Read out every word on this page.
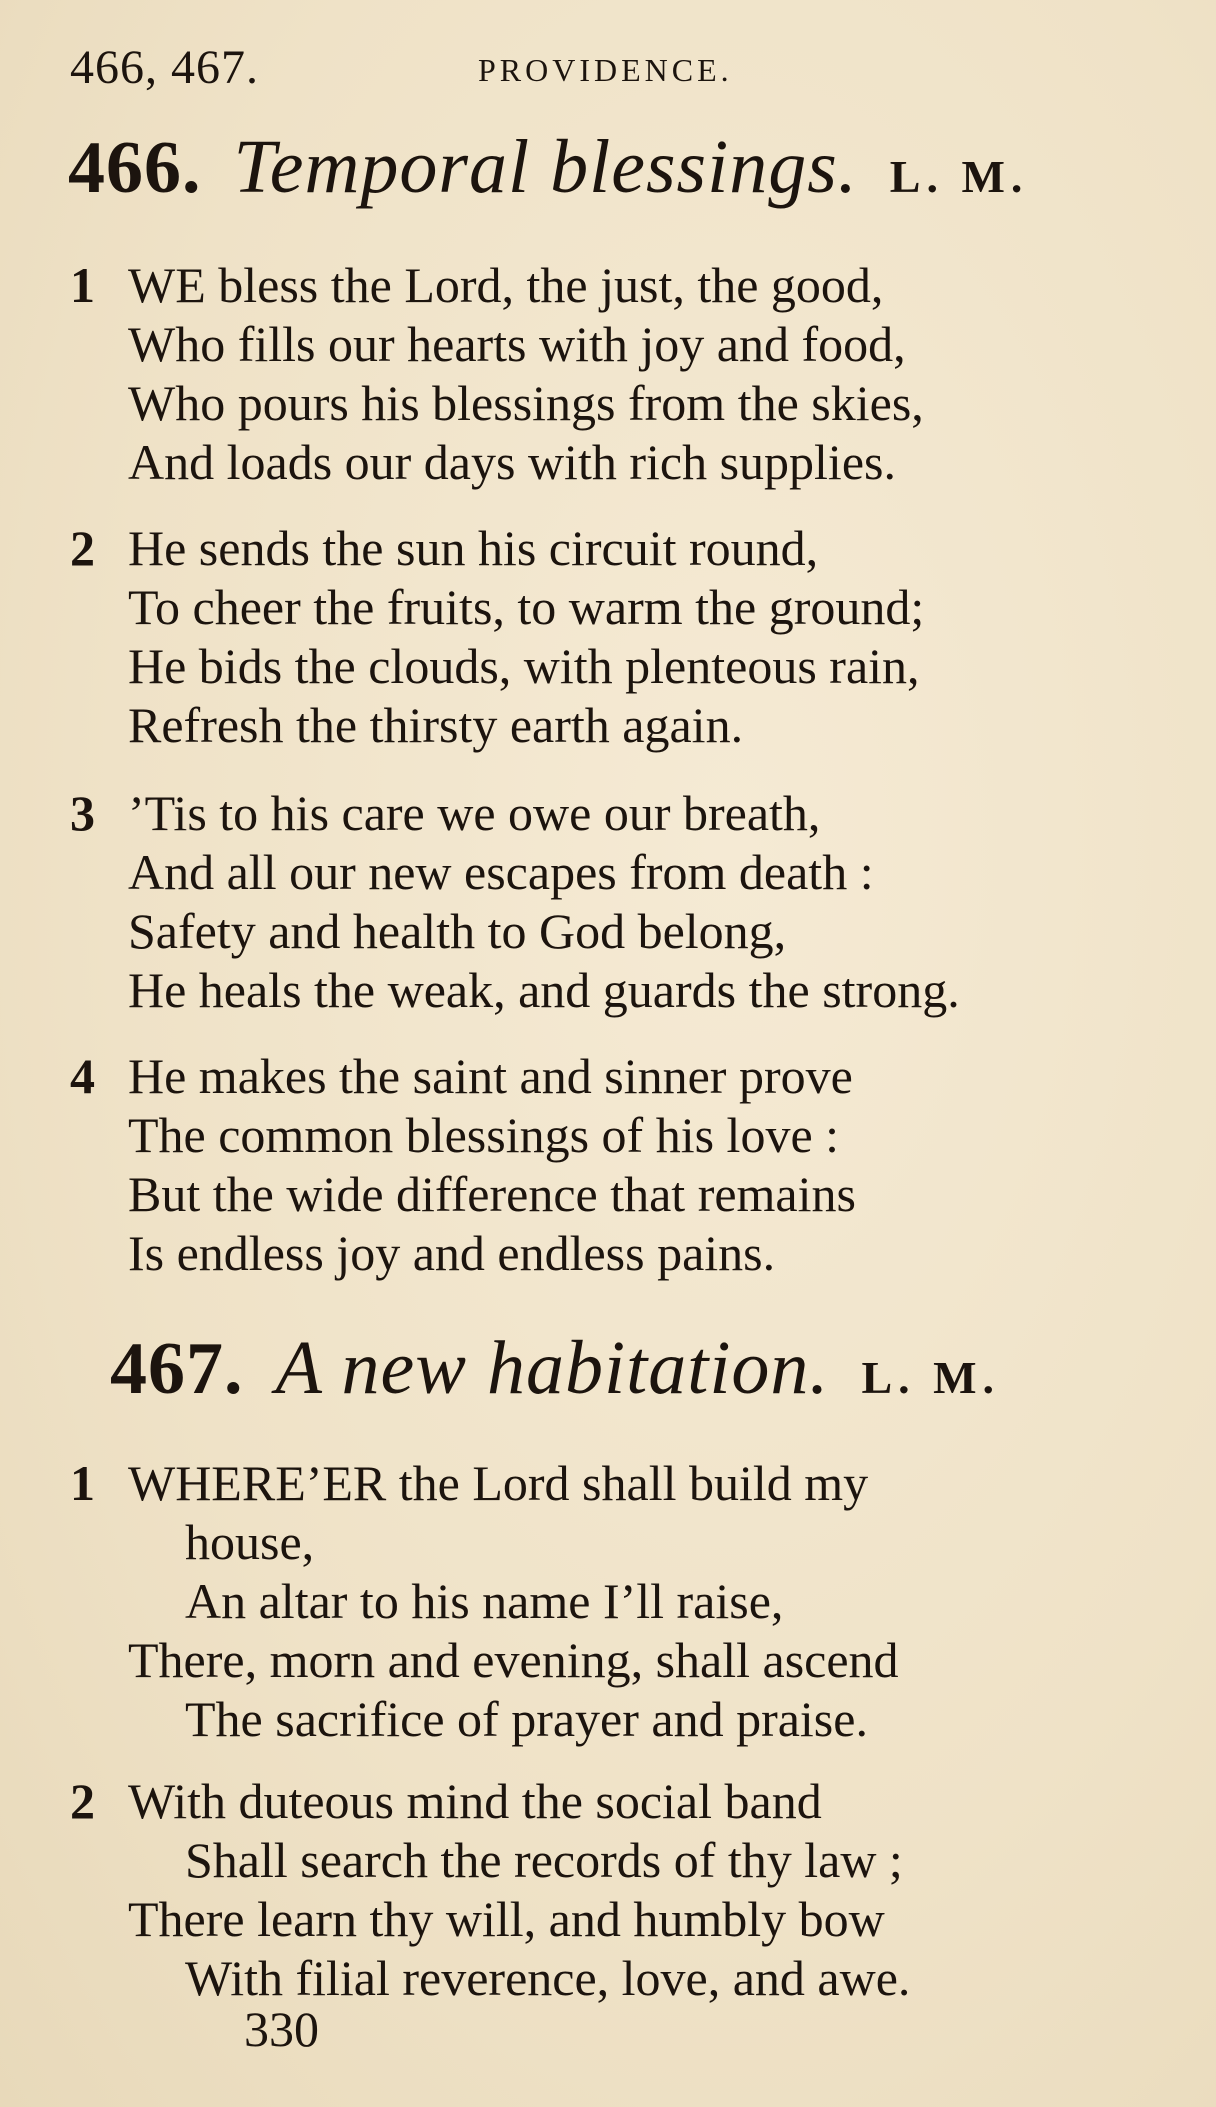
466, 467.	PROVIDENCE.
466. Temporal blessings. L. M.
1 WE bless the Lord, the just, the good,
Who fills our hearts with joy and food,
Who pours his blessings from the skies,
And loads our days with rich supplies.
2 He sends the sun his circuit round,
To cheer the fruits, to warm the ground;
He bids the clouds, with plenteous rain,
Refresh the thirsty earth again.
3 ’Tis to his care we owe our breath,
And all our new escapes from death :
Safety and health to God belong,
He heals the weak, and guards the strong.
4 He makes the saint and sinner prove
The common blessings of his love :
But the wide difference that remains
Is endless joy and endless pains.
467. A new habitation. L. M.
1 WHERE’ER the Lord shall build my
house,
An altar to his name I’ll raise,
There, morn and evening, shall ascend
The sacrifice of prayer and praise.
2 With duteous mind the social band
Shall search the records of thy law ;
There learn thy will, and humbly bow
With filial reverence, love, and awe.
330
